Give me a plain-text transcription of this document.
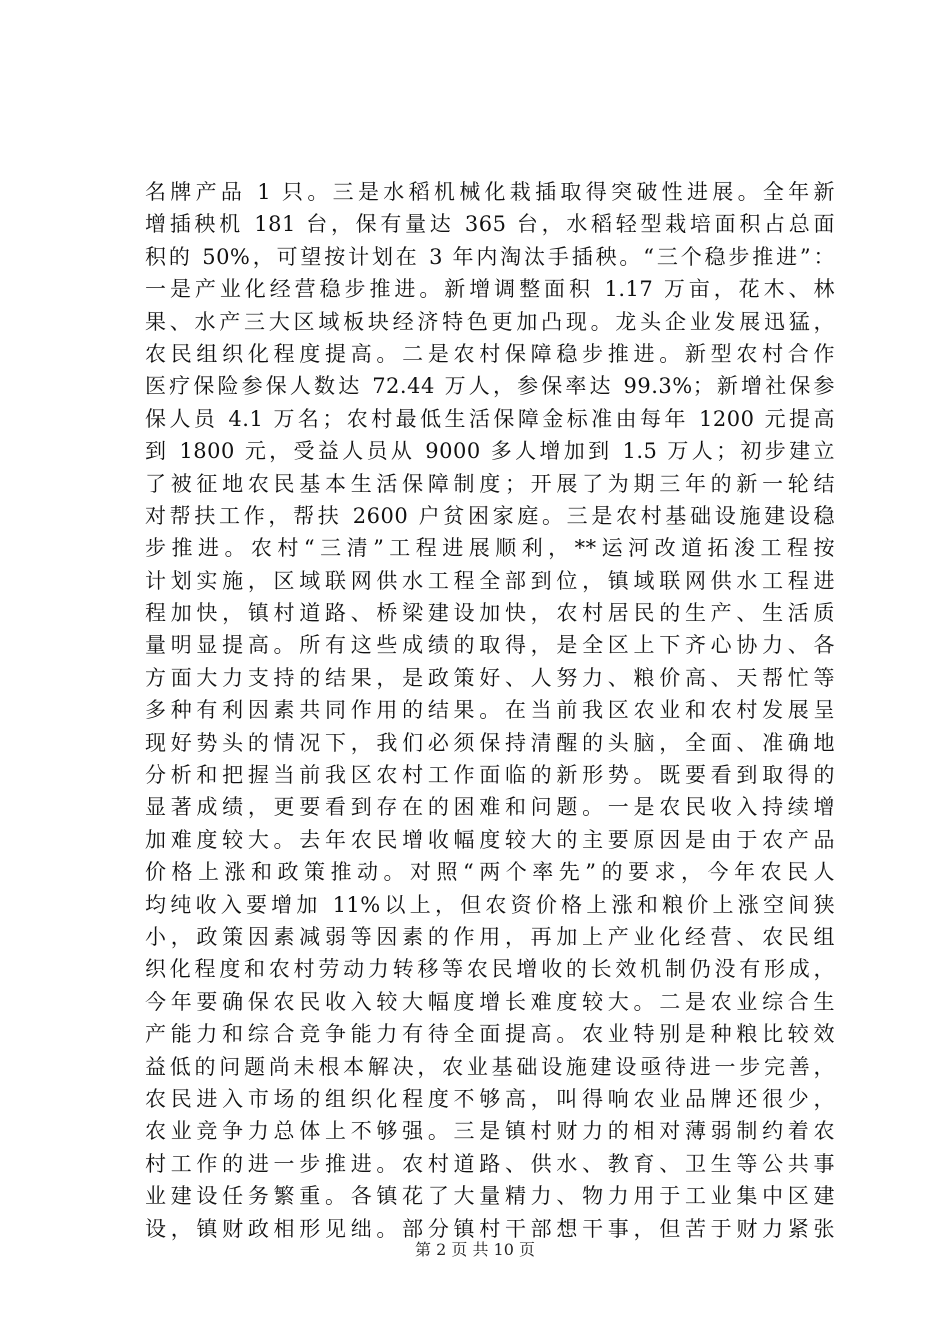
名牌产品 1 只。三是水稻机械化栽插取得突破性进展。全年新
增插秧机 181 台，保有量达 365 台，水稻轻型栽培面积占总面
积的 50%，可望按计划在 3 年内淘汰手插秧。“三个稳步推进”：
一是产业化经营稳步推进。新增调整面积 1.17 万亩，花木、林
果、水产三大区域板块经济特色更加凸现。龙头企业发展迅猛，
农民组织化程度提高。二是农村保障稳步推进。新型农村合作
医疗保险参保人数达 72.44 万人，参保率达 99.3%；新增社保参
保人员 4.1 万名；农村最低生活保障金标准由每年 1200 元提高
到 1800 元，受益人员从 9000 多人增加到 1.5 万人；初步建立
了被征地农民基本生活保障制度；开展了为期三年的新一轮结
对帮扶工作，帮扶 2600 户贫困家庭。三是农村基础设施建设稳
步推进。农村“三清”工程进展顺利，**运河改道拓浚工程按
计划实施，区域联网供水工程全部到位，镇域联网供水工程进
程加快，镇村道路、桥梁建设加快，农村居民的生产、生活质
量明显提高。所有这些成绩的取得，是全区上下齐心协力、各
方面大力支持的结果，是政策好、人努力、粮价高、天帮忙等
多种有利因素共同作用的结果。在当前我区农业和农村发展呈
现好势头的情况下，我们必须保持清醒的头脑，全面、准确地
分析和把握当前我区农村工作面临的新形势。既要看到取得的
显著成绩，更要看到存在的困难和问题。一是农民收入持续增
加难度较大。去年农民增收幅度较大的主要原因是由于农产品
价格上涨和政策推动。对照“两个率先”的要求，今年农民人
均纯收入要增加 11%以上，但农资价格上涨和粮价上涨空间狭
小，政策因素减弱等因素的作用，再加上产业化经营、农民组
织化程度和农村劳动力转移等农民增收的长效机制仍没有形成，
今年要确保农民收入较大幅度增长难度较大。二是农业综合生
产能力和综合竞争能力有待全面提高。农业特别是种粮比较效
益低的问题尚未根本解决，农业基础设施建设亟待进一步完善，
农民进入市场的组织化程度不够高，叫得响农业品牌还很少，
农业竞争力总体上不够强。三是镇村财力的相对薄弱制约着农
村工作的进一步推进。农村道路、供水、教育、卫生等公共事
业建设任务繁重。各镇花了大量精力、物力用于工业集中区建
设，镇财政相形见绌。部分镇村干部想干事，但苦于财力紧张
第 2 页 共 10 页
